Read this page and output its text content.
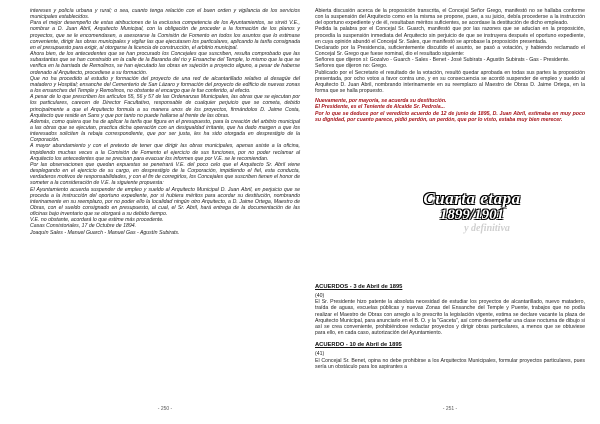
intereses y policía urbana y rural; o sea, cuanto tenga relación con el buen orden y vigilancia de los servicios municipales establecidos.

Para el mejor desempeño de estas atribuciones de la exclusiva competencia de los Ayuntamientos, se sirvió V.E., nombrar a D. Juan Abril, Arquitecto Municipal, con la obligación de proceder a la formación de los planos y proyectos, que se le encomendasen, a asesorarse la Comisión de Fomento en todos los asuntos que lo estimase conveniente, dirigir las obras municipales y vigilar las que ejecutasen los particulares, aplicando la tarifa consignada en el presupuesto para exigir, al otorgarse la licencia de construcción, el arbitrio municipal.

Ahora bien, de los antecedentes que se han procurado los Concejales que suscriben, resulta comprobado que las subastantas que se han construido en la calle de la Baranda del rio y Ensanche del Temple, lo mismo que la que se verifica en la barriada de Remolinos, se han ejecutado las obras en sujeción a proyecto alguno, a pesar de haberse ordenado al Arquitecto, procediese a su formación.

Que no ha procedido al estudio y formación del proyecto de una red de alcantarillado relativo al desagüe del matadero y Hospital; ensanche del Cementerio de San Lázaro y formación del proyecto de edificio de nuevas zonas a los ensanches del Temple y Remolinos, no obstante el encargo que le fue conferido, al efecto.

A pesar de lo que prescriben los artículos 55, 56 y 57 de las Ordenanzas Municipales, las obras que se ejecutan por los particulares, carecen de Director Facultativo, responsable de cualquier perjuicio que se cometa, debido principalmente a que el Arquitecto formula a su manera unos de los proyectos, firmándolos D. Jaime Costa, Arquitecto que reside en Sans y que por tanto no puede hallarse al frente de las obras.

Además, como quiera que ha de aplicar la tarifa que figura en el presupuesto, para la creación del arbitrio municipal a las obras que se ejecutan, practica dicha operación con un desigualdad irritante, que ha dado margen a que los interesados soliciten la rebaja correspondiente, que por ser justa, les ha sido otorgada en desprestigio de la Corporación.

A mayor abundamiento y con el pretexto de tener que dirigir las obras municipales, apenas asiste a la oficina, impidiendo muchas veces a la Comisión de Fomento el ejercicio de sus funciones, por no poder reclamar al Arquitecto los antecedentes que se precisan para evacuar los informes que por V.E. se le recomiendan.

Por las observaciones que quedan expuestas se penetrará V.E. del poco celo que el Arquitecto Sr. Abril viene desplegando en el ejercicio de su cargo, en desprestigio de la Corporación, impidiendo el fiel, esta conducta, verdaderos motivos de responsabilidades, y con el fin de corregirlos, los Concejales que suscriben tienen el honor de someter a la consideración de V.E. la siguiente propuesta:

El Ayuntamiento acuerda suspender de empleo y sueldo al Arquitecto Municipal D. Juan Abril, en perjuicio que se proceda a la instrucción del oportuno expediente, por si hubiera méritos para acordar su destitución, nombrando interinamente en su reemplazo, por no poder ello la localidad ningún otro Arquitecto, a D. Jaime Ortega, Maestro de Obras, con el sueldo consignado en presupuesto, al cual, el Sr. Abril, hará entrega de la documentación de las oficinas bajo inventario que se otorgará a su debido tiempo.

V.E. no obstante, acordará lo que estime más procedente.

Casas Consistoriales, 17 de Octubre de 1894.

Joaquín Sales - Manuel Guarch - Manuel Gas - Agustín Subirats.

- 250 -

Abierta discusión acerca de la proposición transcrita, el Concejal Señor Grego, manifestó no se hallaba conforme con la suspensión del Arquitecto como en la misma se propone, pues, a su juicio, debía procederse a la instrucción del oportuno expediente y de él, resultaban méritos suficientes, se acordase la destitución de dicho empleado.

Pedida la palabra por el Concejal Sr. Guarch, manifestó que por las razones que se aducían en la proposición, procedía la suspensión inmediata del Arquitecto sin perjuicio de que se instruyera después el oportuno expediente, en cuya opinión abundó el Concejal Sr. Sales, que manifestó se aprobase la proposición presentada.

Declarado por la Presidencia, suficientemente discutido el asunto, se pasó a votación, y habiendo reclamado el Concejal Sr. Grego que fuese nominal, dio el resultado siguiente:

Señores que dijeron sí: Gozalvo - Guarch - Sales - Benet - José Subirats - Agustín Subirats - Gas - Presidente.

Señores que dijeron no: Grego.

Publicado por el Secretario el resultado de la votación, resultó quedar aprobada en todas sus partes la proposición presentada, por ocho votos a favor contra uno, y en su consecuencia se acordó suspender de empleo y sueldo al Arquitecto D. Juan Abril, nombrando interinamente en su reemplazo al Maestro de Obras D. Jaime Ortega, en la forma que se halla propuesto.

Nuevamente, por mayoría, se acuerda su destitución.

El Presidente, es el Teniente de Alcalde Sr. Pedrola...

Por lo que se deduce por el veredicto acuerdo de 12 de junio de 1895, D. Juan Abril, estimaba en muy poco su dignidad, por cuanto parece, pidió perdón, un perdón, que por lo visto, estaba muy bien merecer.

Cuarta etapa
1899/1901
y definitiva
ACUERDOS - 3 de Abril de 1895
(40)

El Sr. Presidente hizo patente la absoluta necesidad de estudiar los proyectos de alcantarillado, nuevo matadero, traída de aguas, escuelas públicas y nuevas Zonas del Ensanche del Temple y Puente, trabajos que no podía realizar el Maestro de Obras con arreglo a lo prescrito la legislación vigente, estima se declare vacante la plaza de Arquitecto Municipal, para anunciarlo en el B. O. y la "Gaceta", así como desempeñar una clase nocturna de dibujo si así se crea conveniente, prohibiéndose redactar proyectos y dirigir obras particulares, a menos que se obtuviese para ello, en cada caso, autorización del Ayuntamiento.

ACUERDO - 10 de Abril de 1895
(41)

El Concejal Sr. Benet, opina no debe prohibirse a los Arquitectos Municipales, formular proyectos particulares, pues sería un obstáculo para los aspirantes a

- 251 -
